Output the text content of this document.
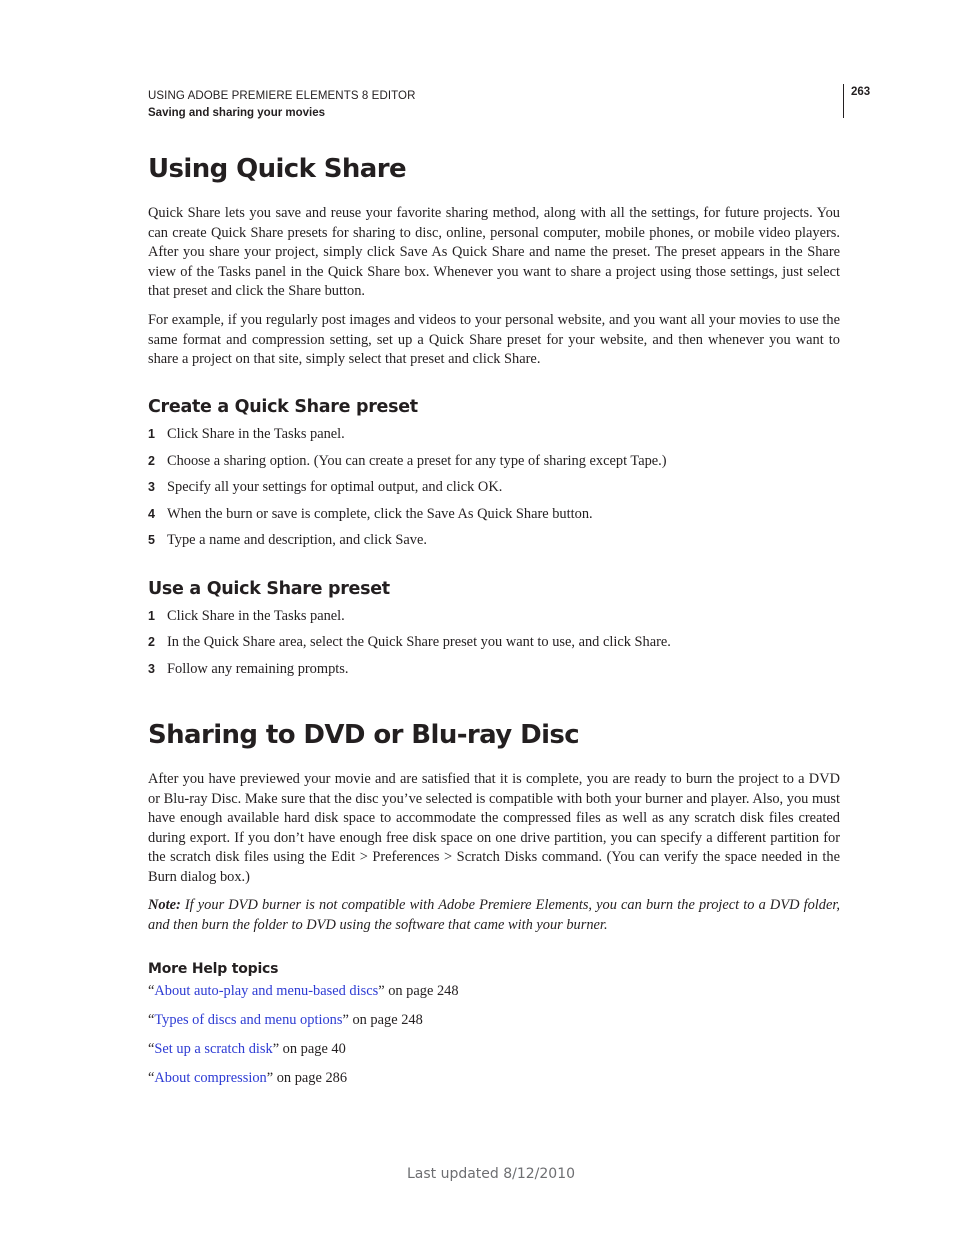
USING ADOBE PREMIERE ELEMENTS 8 EDITOR
Saving and sharing your movies
263
Using Quick Share

Quick Share lets you save and reuse your favorite sharing method, along with all the settings, for future projects. You can create Quick Share presets for sharing to disc, online, personal computer, mobile phones, or mobile video players. After you share your project, simply click Save As Quick Share and name the preset. The preset appears in the Share view of the Tasks panel in the Quick Share box. Whenever you want to share a project using those settings, just select that preset and click the Share button.

For example, if you regularly post images and videos to your personal website, and you want all your movies to use the same format and compression setting, set up a Quick Share preset for your website, and then whenever you want to share a project on that site, simply select that preset and click Share.

Create a Quick Share preset
1 Click Share in the Tasks panel.
2 Choose a sharing option. (You can create a preset for any type of sharing except Tape.)
3 Specify all your settings for optimal output, and click OK.
4 When the burn or save is complete, click the Save As Quick Share button.
5 Type a name and description, and click Save.
Use a Quick Share preset
1 Click Share in the Tasks panel.
2 In the Quick Share area, select the Quick Share preset you want to use, and click Share.
3 Follow any remaining prompts.
Sharing to DVD or Blu-ray Disc

After you have previewed your movie and are satisfied that it is complete, you are ready to burn the project to a DVD or Blu-ray Disc. Make sure that the disc you’ve selected is compatible with both your burner and player. Also, you must have enough available hard disk space to accommodate the compressed files as well as any scratch disk files created during export. If you don’t have enough free disk space on one drive partition, you can specify a different partition for the scratch disk files using the Edit > Preferences > Scratch Disks command. (You can verify the space needed in the Burn dialog box.)

Note: If your DVD burner is not compatible with Adobe Premiere Elements, you can burn the project to a DVD folder, and then burn the folder to DVD using the software that came with your burner.

More Help topics
“About auto-play and menu-based discs” on page 248
“Types of discs and menu options” on page 248
“Set up a scratch disk” on page 40
“About compression” on page 286
Last updated 8/12/2010
